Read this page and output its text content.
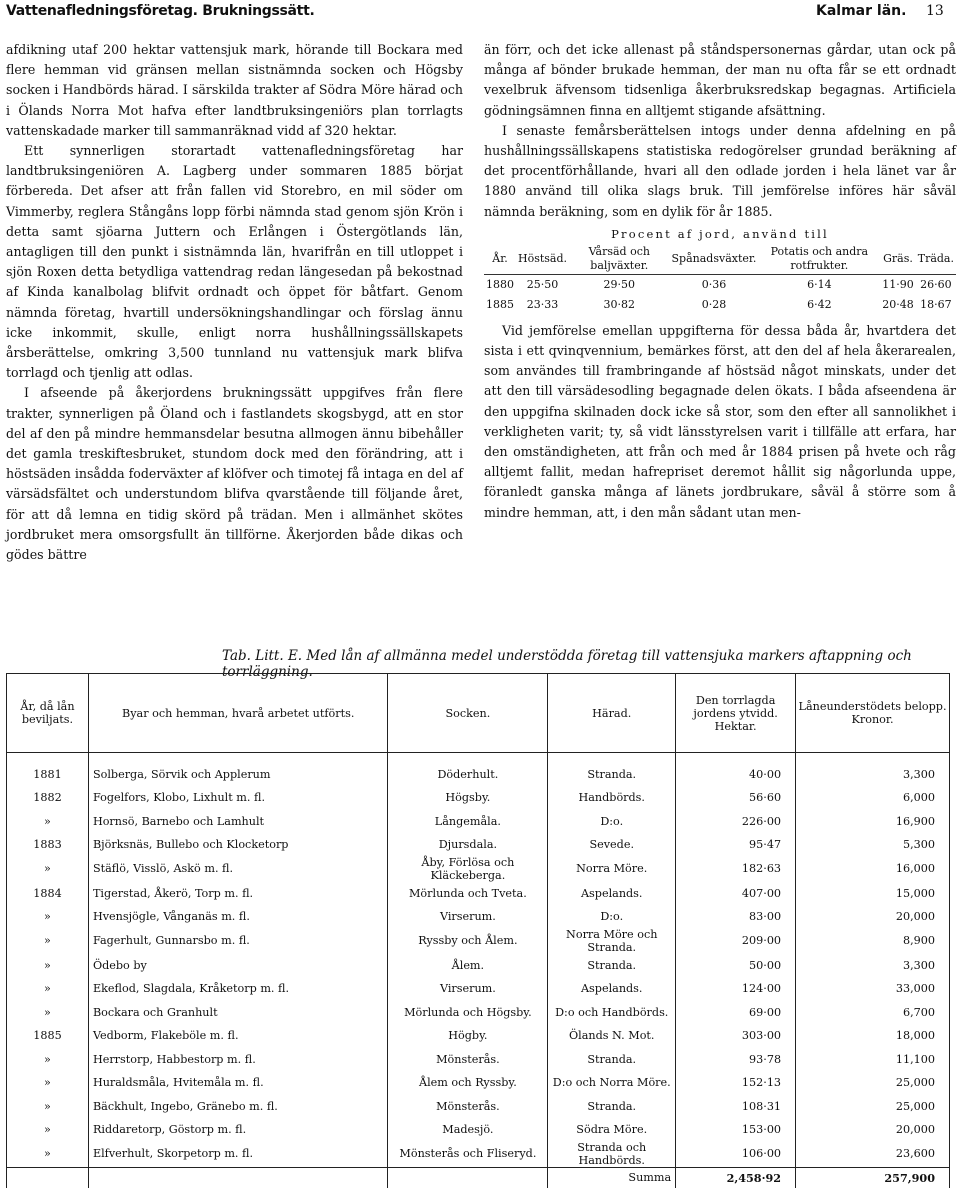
Vattenafledningsföretag. Brukningssätt.	Kalmar län. 13

afdikning utaf 200 hektar vattensjuk mark, hörande till Bockara med flere hemman vid gränsen mellan sistnämnda socken och Högsby socken i Handbörds härad. I särskilda trakter af Södra Möre härad och i Ölands Norra Mot hafva efter landtbruksingeniörs plan torrlagts vattenskadade marker till sammanräknad vidd af 320 hektar.

Ett synnerligen storartadt vattenafledningsföretag har landtbruksingeniören A. Lagberg under sommaren 1885 börjat förbereda. Det afser att från fallen vid Storebro, en mil söder om Vimmerby, reglera Stångåns lopp förbi nämnda stad genom sjön Krön i detta samt sjöarna Juttern och Erlången i Östergötlands län, antagligen till den punkt i sistnämnda län, hvarifrån en till utloppet i sjön Roxen detta betydliga vattendrag redan längesedan på bekostnad af Kinda kanalbolag blifvit ordnadt och öppet för båtfart. Genom nämnda företag, hvartill undersökningshandlingar och förslag ännu icke inkommit, skulle, enligt norra hushållningssällskapets årsberättelse, omkring 3,500 tunnland nu vattensjuk mark blifva torrlagd och tjenlig att odlas.

I afseende på åkerjordens brukningssätt uppgifves från flere trakter, synnerligen på Öland och i fastlandets skogsbygd, att en stor del af den på mindre hemmansdelar besutna allmogen ännu bibehåller det gamla treskiftesbruket, stundom dock med den förändring, att i höstsäden insådda foderväxter af klöfver och timotej få intaga en del af värsädsfältet och understundom blifva qvarstående till följande året, för att då lemna en tidig skörd på trädan. Men i allmänhet skötes jordbruket mera omsorgsfullt än tillförne. Åkerjorden både dikas och gödes bättre

än förr, och det icke allenast på ståndspersonernas gårdar, utan ock på många af bönder brukade hemman, der man nu ofta får se ett ordnadt vexelbruk äfvensom tidsenliga åkerbruksredskap begagnas. Artificiela gödningsämnen finna en alltjemt stigande afsättning.

I senaste femårsberättelsen intogs under denna afdelning en på hushållningssällskapens statistiska redogörelser grundad beräkning af det procentförhållande, hvari all den odlade jorden i hela länet var år 1880 använd till olika slags bruk. Till jemförelse införes här såväl nämnda beräkning, som en dylik för år 1885.

Procent af jord, använd till
År.	Höstsäd.	Vårsäd och baljväxter.	Spånadsväxter.	Potatis och andra rotfrukter.	Gräs.	Träda.
1880	25·50	29·50	0·36	6·14	11·90	26·60
1885	23·33	30·82	0·28	6·42	20·48	18·67

Vid jemförelse emellan uppgifterna för dessa båda år, hvartdera det sista i ett qvinqvennium, bemärkes först, att den del af hela åkerarealen, som användes till frambringande af höstsäd något minskats, under det att den till värsädesodling begagnade delen ökats. I båda afseendena är den uppgifna skilnaden dock icke så stor, som den efter all sannolikhet i verkligheten varit; ty, så vidt länsstyrelsen varit i tillfälle att erfara, har den omständigheten, att från och med år 1884 prisen på hvete och råg alltjemt fallit, medan hafrepriset deremot hållit sig någorlunda uppe, föranledt ganska många af länets jordbrukare, såväl å större som å mindre hemman, att, i den mån sådant utan men-

Tab. Litt. E. Med lån af allmänna medel understödda företag till vattensjuka markers aftappning och torrläggning.
År, då lån beviljats.	Byar och hemman, hvarå arbetet utförts.	Socken.	Härad.	Den torrlagda jordens ytvidd. Hektar.	Låneunderstödets belopp. Kronor.
1881	Solberga, Sörvik och Applerum	Döderhult.	Stranda.	40·00	3,300
1882	Fogelfors, Klobo, Lixhult m. fl.	Högsby.	Handbörds.	56·60	6,000
»	Hornsö, Barnebo och Lamhult	Långemåla.	D:o.	226·00	16,900
1883	Björksnäs, Bullebo och Klocketorp	Djursdala.	Sevede.	95·47	5,300
»	Stäflö, Visslö, Askö m. fl.	Åby, Förlösa och Kläckeberga.	Norra Möre.	182·63	16,000
1884	Tigerstad, Åkerö, Torp m. fl.	Mörlunda och Tveta.	Aspelands.	407·00	15,000
»	Hvensjögle, Vånganäs m. fl.	Virserum.	D:o.	83·00	20,000
»	Fagerhult, Gunnarsbo m. fl.	Ryssby och Ålem.	Norra Möre och Stranda.	209·00	8,900
»	Ödebo by	Ålem.	Stranda.	50·00	3,300
»	Ekeflod, Slagdala, Kråketorp m. fl.	Virserum.	Aspelands.	124·00	33,000
»	Bockara och Granhult	Mörlunda och Högsby.	D:o och Handbörds.	69·00	6,700
1885	Vedborm, Flakeböle m. fl.	Högby.	Ölands N. Mot.	303·00	18,000
»	Herrstorp, Habbestorp m. fl.	Mönsterås.	Stranda.	93·78	11,100
»	Huraldsmåla, Hvitemåla m. fl.	Ålem och Ryssby.	D:o och Norra Möre.	152·13	25,000
»	Bäckhult, Ingebo, Gränebo m. fl.	Mönsterås.	Stranda.	108·31	25,000
»	Riddaretorp, Göstorp m. fl.	Madesjö.	Södra Möre.	153·00	20,000
»	Elfverhult, Skorpetorp m. fl.	Mönsterås och Fliseryd.	Stranda och Handbörds.	106·00	23,600
			Summa	2,458·92	257,900
